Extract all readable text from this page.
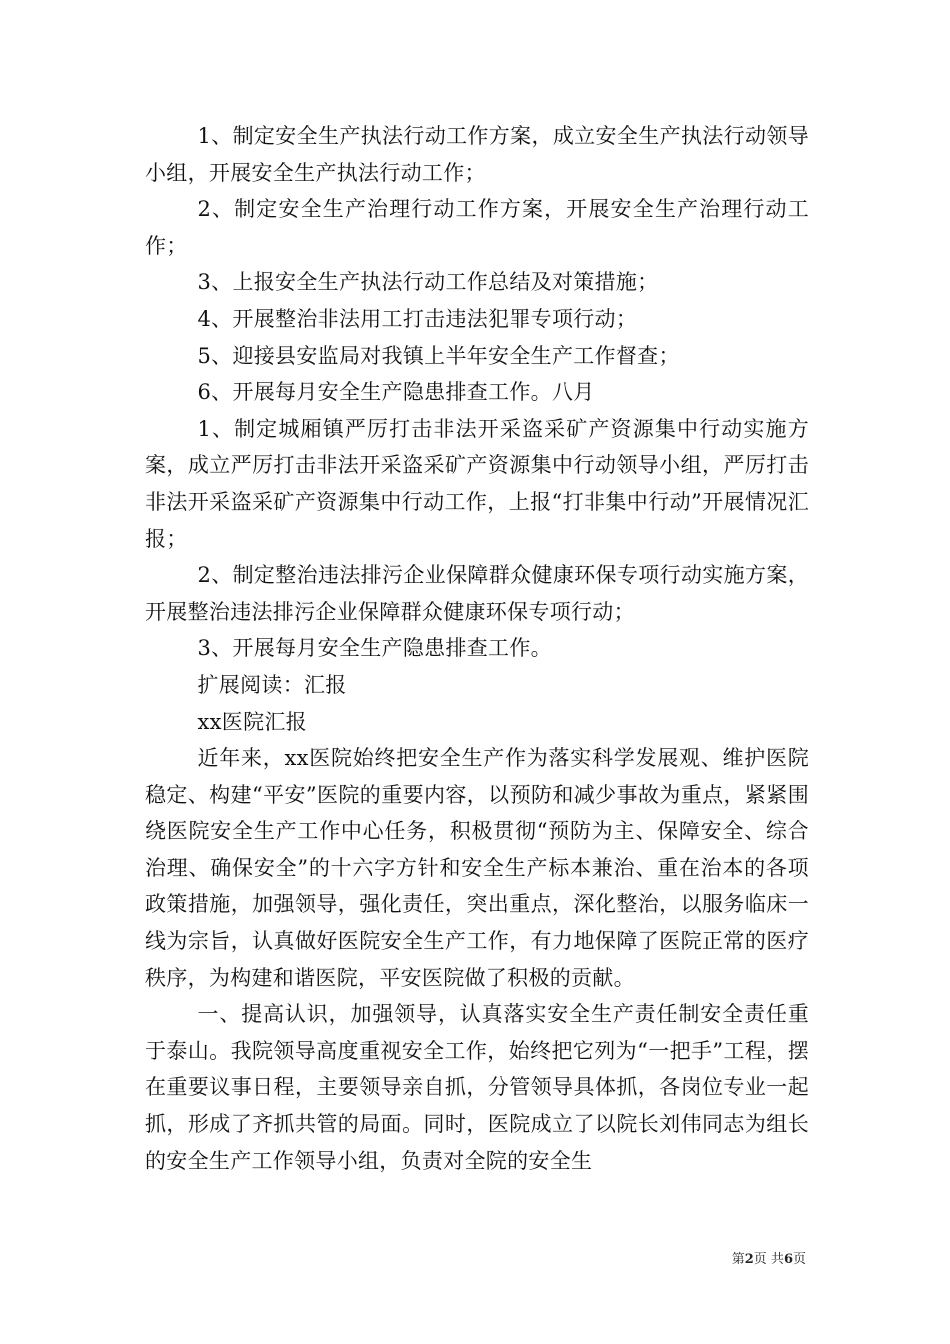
1、制定安全生产执法行动工作方案，成立安全生产执法行动领导小组，开展安全生产执法行动工作；

2、制定安全生产治理行动工作方案，开展安全生产治理行动工作；

3、上报安全生产执法行动工作总结及对策措施；

4、开展整治非法用工打击违法犯罪专项行动；

5、迎接县安监局对我镇上半年安全生产工作督查；

6、开展每月安全生产隐患排查工作。八月

1、制定城厢镇严厉打击非法开采盗采矿产资源集中行动实施方案，成立严厉打击非法开采盗采矿产资源集中行动领导小组，严厉打击非法开采盗采矿产资源集中行动工作，上报“打非集中行动”开展情况汇报；

2、制定整治违法排污企业保障群众健康环保专项行动实施方案，开展整治违法排污企业保障群众健康环保专项行动；

3、开展每月安全生产隐患排查工作。

扩展阅读：汇报

xx医院汇报

近年来，xx医院始终把安全生产作为落实科学发展观、维护医院稳定、构建“平安”医院的重要内容，以预防和减少事故为重点，紧紧围绕医院安全生产工作中心任务，积极贯彻“预防为主、保障安全、综合治理、确保安全”的十六字方针和安全生产标本兼治、重在治本的各项政策措施，加强领导，强化责任，突出重点，深化整治，以服务临床一线为宗旨，认真做好医院安全生产工作，有力地保障了医院正常的医疗秩序，为构建和谐医院，平安医院做了积极的贡献。

一、提高认识，加强领导，认真落实安全生产责任制安全责任重于泰山。我院领导高度重视安全工作，始终把它列为“一把手”工程，摆在重要议事日程，主要领导亲自抓，分管领导具体抓，各岗位专业一起抓，形成了齐抓共管的局面。同时，医院成立了以院长刘伟同志为组长的安全生产工作领导小组，负责对全院的安全生

第2页 共6页
